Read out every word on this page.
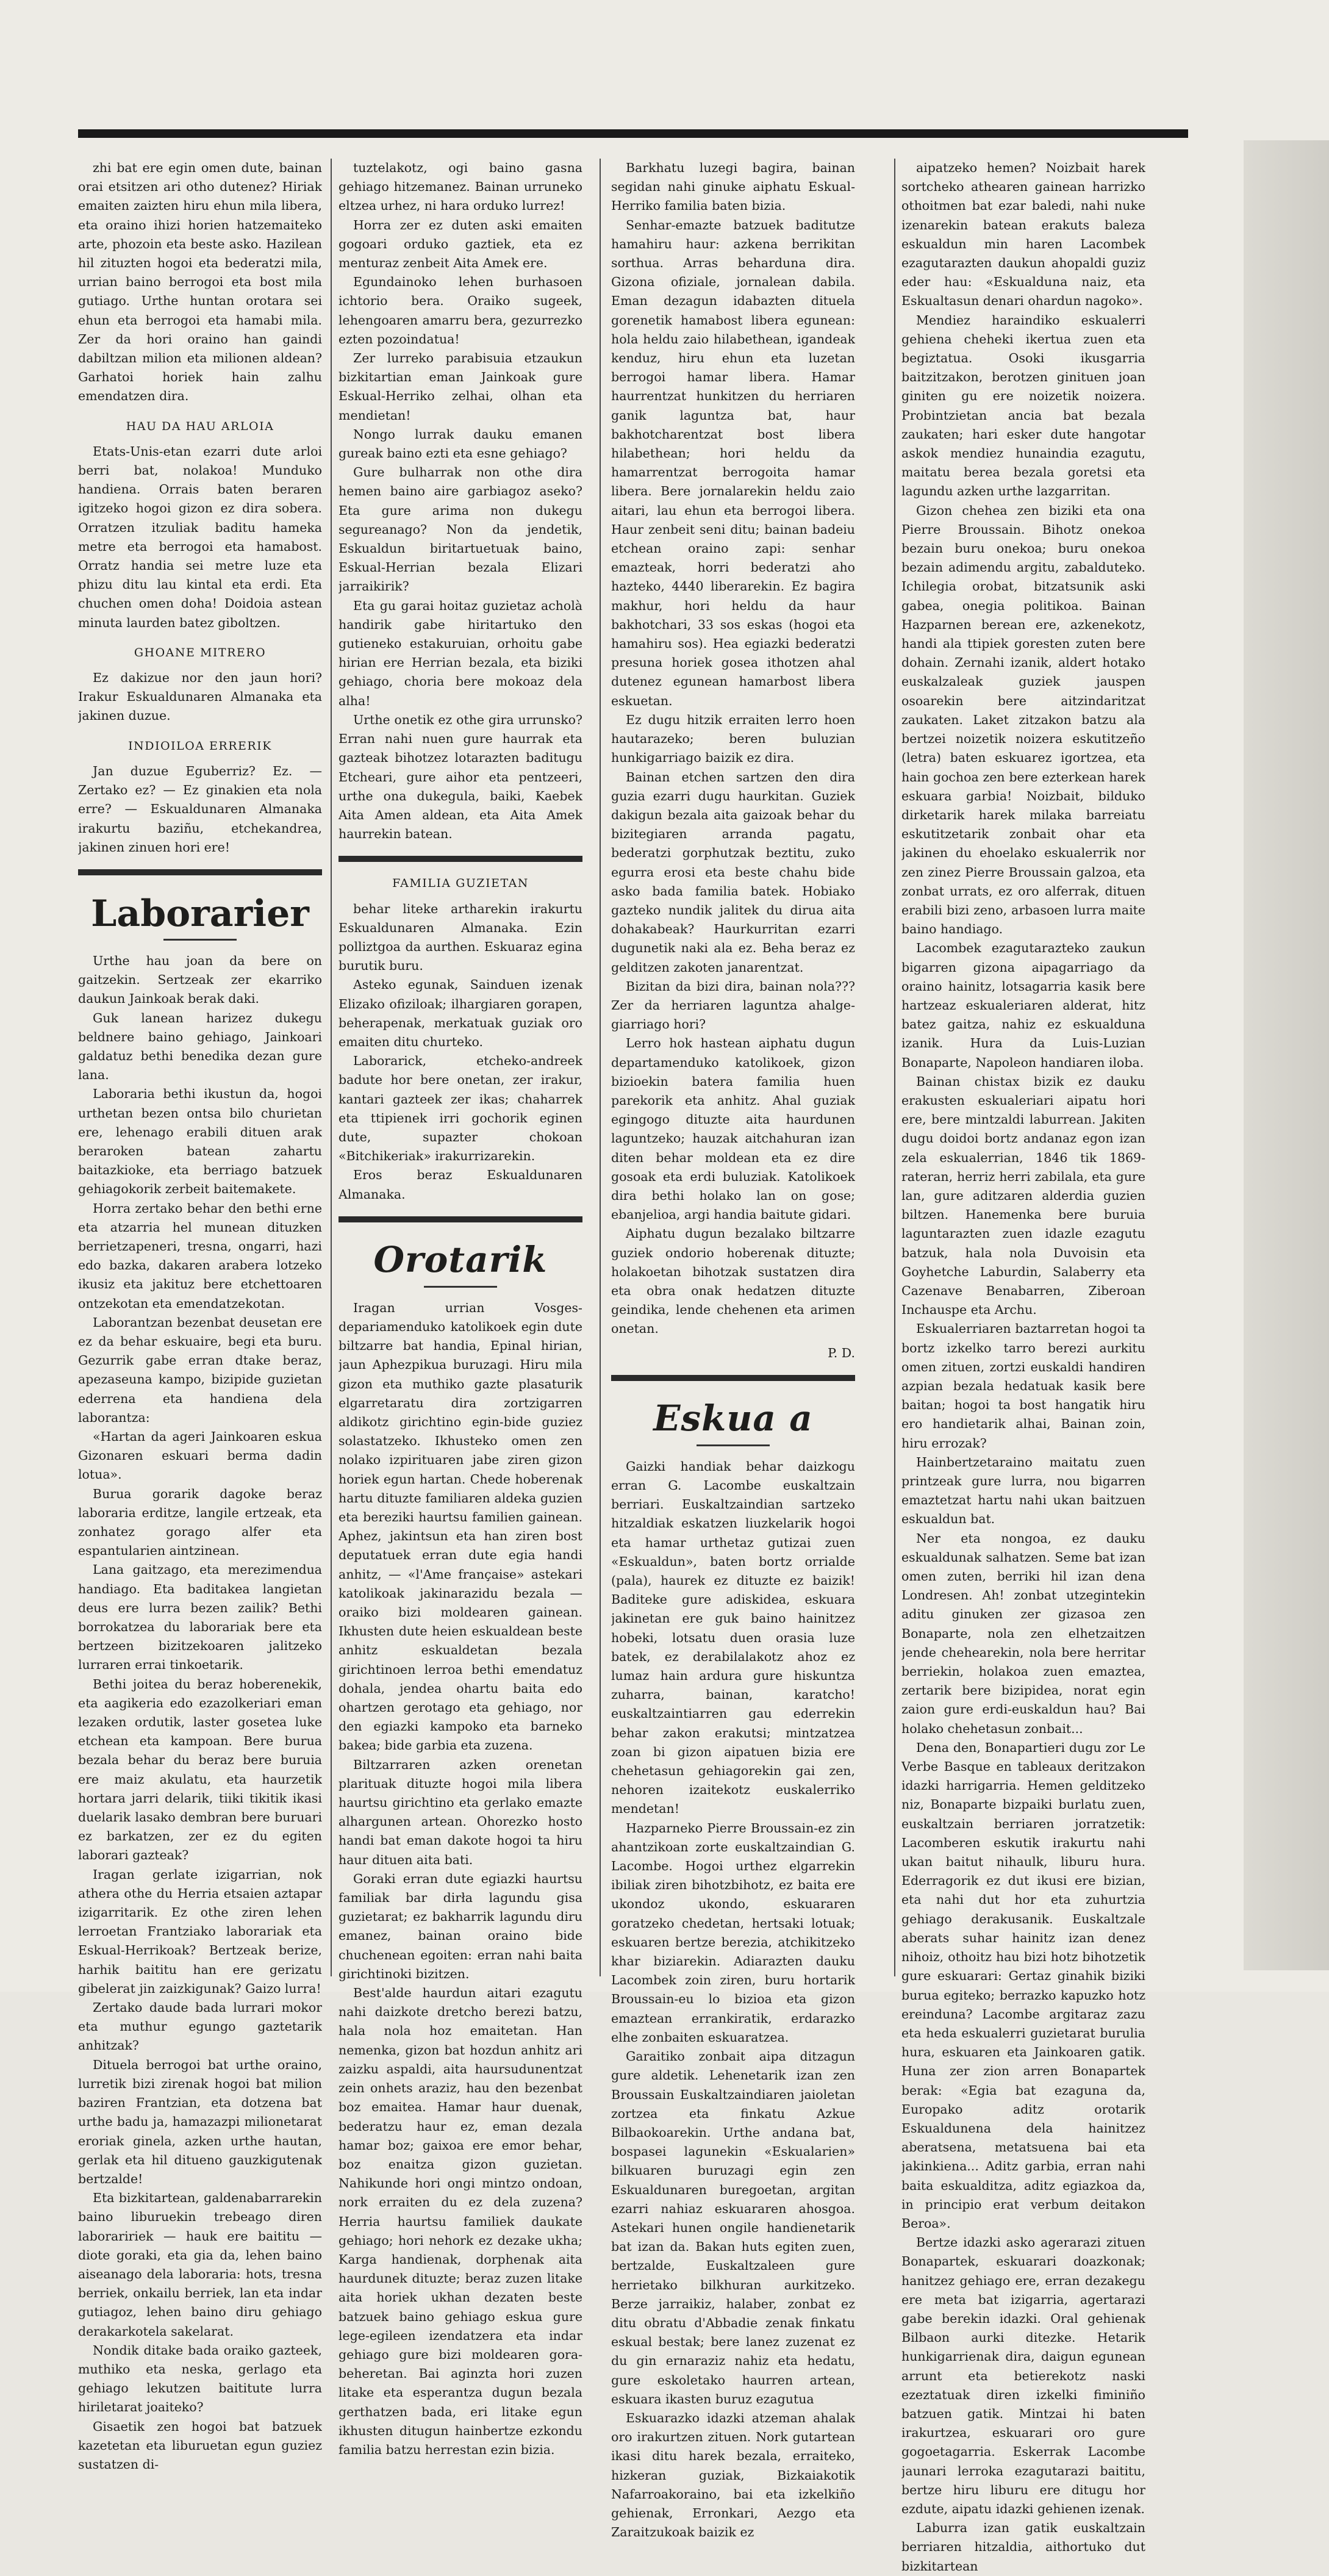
zhi bat ere egin omen dute, bainan orai etsitzen ari otho dutenez? Hiriak emaiten zaizten hiru ehun mila libera, eta oraino ihizi horien hatzemaiteko arte, phozoin eta beste asko. Hazilean hil zituzten hogoi eta bederatzi mila, urrian baino berrogoi eta bost mila gutiago. Urthe huntan orotara sei ehun eta berrogoi eta hamabi mila. Zer da hori oraino han gaindi dabiltzan milion eta milionen aldean? Garhatoi horiek hain zalhu emendatzen dira.

HAU DA HAU ARLOIA

Etats-Unis-etan ezarri dute arloi berri bat, nolakoa! Munduko handiena. Orrais baten beraren igitzeko hogoi gizon ez dira sobera. Orratzen itzuliak baditu hameka metre eta berrogoi eta hamabost. Orratz handia sei metre luze eta phizu ditu lau kintal eta erdi. Eta chuchen omen doha! Doidoia astean minuta laurden batez giboltzen.

GHOANE MITRERO

Ez dakizue nor den jaun hori? Irakur Eskualdunaren Almanaka eta jakinen duzue.

INDIOILOA ERRERIK

Jan duzue Eguberriz? Ez. — Zertako ez? — Ez ginakien eta nola erre? — Eskualdunaren Almanaka irakurtu baziñu, etchekandrea, jakinen zinuen hori ere!

Laborarier

Urthe hau joan da bere on gaitzekin. Sertzeak zer ekarriko daukun Jainkoak berak daki.

Guk lanean harizez dukegu beldnere baino gehiago, Jainkoari galdatuz bethi benedika dezan gure lana.

Laboraria bethi ikustun da, hogoi urthetan bezen ontsa bilo churietan ere, lehenago erabili dituen arak beraroken batean zahartu baitazkioke, eta berriago batzuek gehiagokorik zerbeit baitemakete.

Horra zertako behar den bethi erne eta atzarria hel munean dituzken berrietzapeneri, tresna, ongarri, hazi edo bazka, dakaren arabera lotzeko ikusiz eta jakituz bere etchettoaren ontzekotan eta emendatzekotan.

Laborantzan bezenbat deusetan ere ez da behar eskuaire, begi eta buru. Gezurrik gabe erran dtake beraz, apezaseuna kampo, bizipide guzietan ederrena eta handiena dela laborantza:

«Hartan da ageri Jainkoaren eskua Gizonaren eskuari berma dadin lotua».

Burua gorarik dagoke beraz laboraria erditze, langile ertzeak, eta zonhatez gorago alfer eta espantularien aintzinean.

Lana gaitzago, eta merezimendua handiago. Eta baditakea langietan deus ere lurra bezen zailik? Bethi borrokatzea du laborariak bere eta bertzeen bizitzekoaren jalitzeko lurraren errai tinkoetarik.

Bethi joitea du beraz hoberenekik, eta aagikeria edo ezazolkeriari eman lezaken ordutik, laster gosetea luke etchean eta kampoan. Bere burua bezala behar du beraz bere buruia ere maiz akulatu, eta haurzetik hortara jarri delarik, tiiki tikitik ikasi duelarik lasako dembran bere buruari ez barkatzen, zer ez du egiten laborari gazteak?

Iragan gerlate izigarrian, nok athera othe du Herria etsaien aztapar izigarritarik. Ez othe ziren lehen lerroetan Frantziako laborariak eta Eskual-Herrikoak? Bertzeak berize, harhik baititu han ere gerizatu gibelerat jin zaizkigunak? Gaizo lurra!

Zertako daude bada lurrari mokor eta muthur egungo gaztetarik anhitzak?

Dituela berrogoi bat urthe oraino, lurretik bizi zirenak hogoi bat milion baziren Frantzian, eta dotzena bat urthe badu ja, hamazazpi milionetarat eroriak ginela, azken urthe hautan, gerlak eta hil ditueno gauzkigutenak bertzalde!

Eta bizkitartean, galdenabarrarekin baino liburuekin trebeago diren laboraririek — hauk ere baititu — diote goraki, eta gia da, lehen baino aiseanago dela laboraria: hots, tresna berriek, onkailu berriek, lan eta indar gutiagoz, lehen baino diru gehiago derakarkotela sakelarat.

Nondik ditake bada oraiko gazteek, muthiko eta neska, gerlago eta gehiago lekutzen baititute lurra hiriletarat joaiteko?

Gisaetik zen hogoi bat batzuek kazetetan eta liburuetan egun guziez sustatzen di-

tuztelakotz, ogi baino gasna gehiago hitzemanez. Bainan urruneko eltzea urhez, ni hara orduko lurrez!

Horra zer ez duten aski emaiten gogoari orduko gaztiek, eta ez menturaz zenbeit Aita Amek ere.

Egundainoko lehen burhasoen ichtorio bera. Oraiko sugeek, lehengoaren amarru bera, gezurrezko ezten pozoindatua!

Zer lurreko parabisuia etzaukun bizkitartian eman Jainkoak gure Eskual-Herriko zelhai, olhan eta mendietan!

Nongo lurrak dauku emanen gureak baino ezti eta esne gehiago?

Gure bulharrak non othe dira hemen baino aire garbiagoz aseko? Eta gure arima non dukegu segureanago? Non da jendetik, Eskualdun biritartuetuak baino, Eskual-Herrian bezala Elizari jarraikirik?

Eta gu garai hoitaz guzietaz acholà handirik gabe hiritartuko den gutieneko estakuruian, orhoitu gabe hirian ere Herrian bezala, eta biziki gehiago, choria bere mokoaz dela alha!

Urthe onetik ez othe gira urrunsko? Erran nahi nuen gure haurrak eta gazteak bihotzez lotarazten baditugu Etcheari, gure aihor eta pentzeeri, urthe ona dukegula, baiki, Kaebek Aita Amen aldean, eta Aita Amek haurrekin batean.

FAMILIA GUZIETAN

behar liteke artharekin irakurtu Eskualdunaren Almanaka. Ezin polliztgoa da aurthen. Eskuaraz egina burutik buru.

Asteko egunak, Sainduen izenak Elizako ofiziloak; ilhargiaren gorapen, beherapenak, merkatuak guziak oro emaiten ditu churteko.

Laborarick, etcheko-andreek badute hor bere onetan, zer irakur, kantari gazteek zer ikas; chaharrek eta ttipienek irri gochorik eginen dute, supazter chokoan «Bitchikeriak» irakurrizarekin.

Eros beraz Eskualdunaren Almanaka.

Orotarik

Iragan urrian Vosges-depariamenduko katolikoek egin dute biltzarre bat handia, Epinal hirian, jaun Aphezpikua buruzagi. Hiru mila gizon eta muthiko gazte plasaturik elgarretaratu dira zortzigarren aldikotz girichtino egin-bide guziez solastatzeko. Ikhusteko omen zen nolako izpirituaren jabe ziren gizon horiek egun hartan. Chede hoberenak hartu dituzte familiaren aldeka guzien eta bereziki haurtsu familien gainean. Aphez, jakintsun eta han ziren bost deputatuek erran dute egia handi anhitz, — «l'Ame française» astekari katolikoak jakinarazidu bezala — oraiko bizi moldearen gainean. Ikhusten dute heien eskualdean beste anhitz eskualdetan bezala girichtinoen lerroa bethi emendatuz dohala, jendea ohartu baita edo ohartzen gerotago eta gehiago, nor den egiazki kampoko eta barneko bakea; bide garbia eta zuzena.

Biltzarraren azken orenetan plarituak dituzte hogoi mila libera haurtsu girichtino eta gerlako emazte alhargunen artean. Ohorezko hosto handi bat eman dakote hogoi ta hiru haur dituen aita bati.

Goraki erran dute egiazki haurtsu familiak bar dirła lagundu gisa guzietarat; ez bakharrik lagundu diru emanez, bainan oraino bide chuchenean egoiten: erran nahi baita girichtinoki bizitzen.

Best'alde haurdun aitari ezagutu nahi daizkote dretcho berezi batzu, hala nola hoz emaitetan. Han nemenka, gizon bat hozdun anhitz ari zaizku aspaldi, aita haursudunentzat zein onhets araziz, hau den bezenbat boz emaitea. Hamar haur duenak, bederatzu haur ez, eman dezala hamar boz; gaixoa ere emor behar, boz enaitza gizon guzietan. Nahikunde hori ongi mintzo ondoan, nork erraiten du ez dela zuzena? Herria haurtsu familiek daukate gehiago; hori nehork ez dezake ukha; Karga handienak, dorphenak aita haurdunek dituzte; beraz zuzen litake aita horiek ukhan dezaten beste batzuek baino gehiago eskua gure lege-egileen izendatzera eta indar gehiago gure bizi moldearen gora-beheretan. Bai aginzta hori zuzen litake eta esperantza dugun bezala gerthatzen bada, eri litake egun ikhusten ditugun hainbertze ezkondu familia batzu herrestan ezin bizia.

Barkhatu luzegi bagira, bainan segidan nahi ginuke aiphatu Eskual-Herriko familia baten bizia.

Senhar-emazte batzuek baditutze hamahiru haur: azkena berrikitan sorthua. Arras beharduna dira. Gizona ofiziale, jornalean dabila. Eman dezagun idabazten dituela gorenetik hamabost libera egunean: hola heldu zaio hilabethean, igandeak kenduz, hiru ehun eta luzetan berrogoi hamar libera. Hamar haurrentzat hunkitzen du herriaren ganik laguntza bat, haur bakhotcharentzat bost libera hilabethean; hori heldu da hamarrentzat berrogoita hamar libera. Bere jornalarekin heldu zaio aitari, lau ehun eta berrogoi libera. Haur zenbeit seni ditu; bainan badeiu etchean oraino zapi: senhar emazteak, horri bederatzi aho hazteko, 4440 liberarekin. Ez bagira makhur, hori heldu da haur bakhotchari, 33 sos eskas (hogoi eta hamahiru sos). Hea egiazki bederatzi presuna horiek gosea ithotzen ahal dutenez egunean hamarbost libera eskuetan.

Ez dugu hitzik erraiten lerro hoen hautarazeko; beren buluzian hunkigarriago baizik ez dira.

Bainan etchen sartzen den dira guzia ezarri dugu haurkitan. Guziek dakigun bezala aita gaizoak behar du bizitegiaren arranda pagatu, bederatzi gorphutzak beztitu, zuko egurra erosi eta beste chahu bide asko bada familia batek. Hobiako gazteko nundik jalitek du dirua aita dohakabeak? Haurkurritan ezarri dugunetik naki ala ez. Beha beraz ez gelditzen zakoten janarentzat.

Bizitan da bizi dira, bainan nola??? Zer da herriaren laguntza ahalge-giarriago hori?

Lerro hok hastean aiphatu dugun departamenduko katolikoek, gizon bizioekin batera familia huen parekorik eta anhitz. Ahal guziak egingogo dituzte aita haurdunen laguntzeko; hauzak aitchahuran izan diten behar moldean eta ez dire gosoak eta erdi buluziak. Katolikoek dira bethi holako lan on gose; ebanjelioa, argi handia baitute gidari.

Aiphatu dugun bezalako biltzarre guziek ondorio hoberenak dituzte; holakoetan bihotzak sustatzen dira eta obra onak hedatzen dituzte geindika, lende chehenen eta arimen onetan.

P. D.
Eskua a

Gaizki handiak behar daizkogu erran G. Lacombe euskaltzain berriari. Euskaltzaindian sartzeko hitzaldiak eskatzen liuzkelarik hogoi eta hamar urthetaz gutizai zuen «Eskualdun», baten bortz orrialde (pala), haurek ez dituzte ez baizik! Baditeke gure adiskidea, eskuara jakinetan ere guk baino hainitzez hobeki, lotsatu duen orasia luze batek, ez derabilalakotz ahoz ez lumaz hain ardura gure hiskuntza zuharra, bainan, karatcho! euskaltzaintiarren gau ederrekin behar zakon erakutsi; mintzatzea zoan bi gizon aipatuen bizia ere chehetasun gehiagorekin gai zen, nehoren izaitekotz euskalerriko mendetan!

Hazparneko Pierre Broussain-ez zin ahantzikoan zorte euskaltzaindian G. Lacombe. Hogoi urthez elgarrekin ibiliak ziren bihotzbihotz, ez baita ere ukondoz ukondo, eskuararen goratzeko chedetan, hertsaki lotuak; eskuaren bertze berezia, atchikitzeko khar biziarekin. Adiarazten dauku Lacombek zoin ziren, buru hortarik Broussain-eu lo bizioa eta gizon emaztean errankiratik, erdarazko elhe zonbaiten eskuaratzea.

Garaitiko zonbait aipa ditzagun gure aldetik. Lehenetarik izan zen Broussain Euskaltzaindiaren jaioletan zortzea eta finkatu Azkue Bilbaokoarekin. Urthe andana bat, bospasei lagunekin «Eskualarien» bilkuaren buruzagi egin zen Eskualdunaren buregoetan, argitan ezarri nahiaz eskuararen ahosgoa. Astekari hunen ongile handienetarik bat izan da. Bakan huts egiten zuen, bertzalde, Euskaltzaleen gure herrietako bilkhuran aurkitzeko. Berze jarraikiz, halaber, zonbat ez ditu obratu d'Abbadie zenak finkatu eskual bestak; bere lanez zuzenat ez du gin ernaraziz nahiz eta hedatu, gure eskoletako haurren artean, eskuara ikasten buruz ezagutua

Eskuarazko idazki atzeman ahalak oro irakurtzen zituen. Nork gutartean ikasi ditu harek bezala, erraiteko, hizkeran guziak, Bizkaiakotik Nafarroakoraino, bai eta izkelkiño gehienak, Erronkari, Aezgo eta Zaraitzukoak baizik ez

aipatzeko hemen? Noizbait harek sortcheko athearen gainean harrizko othoitmen bat ezar baledi, nahi nuke izenarekin batean erakuts baleza eskualdun min haren Lacombek ezagutarazten daukun ahopaldi guziz eder hau: «Eskualduna naiz, eta Eskualtasun denari ohardun nagoko».

Mendiez haraindiko eskualerri gehiena cheheki ikertua zuen eta begiztatua. Osoki ikusgarria baitzitzakon, berotzen ginituen joan giniten gu ere noizetik noizera. Probintzietan ancia bat bezala zaukaten; hari esker dute hangotar askok mendiez hunaindia ezagutu, maitatu berea bezala goretsi eta lagundu azken urthe lazgarritan.

Gizon chehea zen biziki eta ona Pierre Broussain. Bihotz onekoa bezain buru onekoa; buru onekoa bezain adimendu argitu, zabalduteko. Ichilegia orobat, bitzatsunik aski gabea, onegia politikoa. Bainan Hazparnen berean ere, azkenekotz, handi ala ttipiek goresten zuten bere dohain. Zernahi izanik, aldert hotako euskalzaleak guziek jauspen osoarekin bere aitzindaritzat zaukaten. Laket zitzakon batzu ala bertzei noizetik noizera eskutitzeño (letra) baten eskuarez igortzea, eta hain gochoa zen bere ezterkean harek eskuara garbia! Noizbait, bilduko dirketarik harek milaka barreiatu eskutitzetarik zonbait ohar eta jakinen du ehoelako eskualerrik nor zen zinez Pierre Broussain galzoa, eta zonbat urrats, ez oro alferrak, dituen erabili bizi zeno, arbasoen lurra maite baino handiago.

Lacombek ezagutarazteko zaukun bigarren gizona aipagarriago da oraino hainitz, lotsagarria kasik bere hartzeaz eskualeriaren alderat, hitz batez gaitza, nahiz ez eskualduna izanik. Hura da Luis-Luzian Bonaparte, Napoleon handiaren iloba.

Bainan chistax bizik ez dauku erakusten eskualeriari aipatu hori ere, bere mintzaldi laburrean. Jakiten dugu doidoi bortz andanaz egon izan zela eskualerrian, 1846 tik 1869-rateran, herriz herri zabilala, eta gure lan, gure aditzaren alderdia guzien biltzen. Hanemenka bere buruia laguntarazten zuen idazle ezagutu batzuk, hala nola Duvoisin eta Goyhetche Laburdin, Salaberry eta Cazenave Benabarren, Ziberoan Inchauspe eta Archu.

Eskualerriaren baztarretan hogoi ta bortz izkelko tarro berezi aurkitu omen zituen, zortzi euskaldi handiren azpian bezala hedatuak kasik bere baitan; hogoi ta bost hangatik hiru ero handietarik alhai, Bainan zoin, hiru errozak?

Hainbertzetaraino maitatu zuen printzeak gure lurra, nou bigarren emaztetzat hartu nahi ukan baitzuen eskualdun bat.

Ner eta nongoa, ez dauku eskualdunak salhatzen. Seme bat izan omen zuten, berriki hil izan dena Londresen. Ah! zonbat utzegintekin aditu ginuken zer gizasoa zen Bonaparte, nola zen elhetzaitzen jende chehearekin, nola bere herritar berriekin, holakoa zuen emaztea, zertarik bere bizipidea, norat egin zaion gure erdi-euskaldun hau? Bai holako chehetasun zonbait...

Dena den, Bonapartieri dugu zor Le Verbe Basque en tableaux deritzakon idazki harrigarria. Hemen gelditzeko niz, Bonaparte bizpaiki burlatu zuen, euskaltzain berriaren jorratzetik: Lacomberen eskutik irakurtu nahi ukan baitut nihaulk, liburu hura. Ederragorik ez dut ikusi ere bizian, eta nahi dut hor eta zuhurtzia gehiago derakusanik. Euskaltzale aberats suhar hainitz izan denez nihoiz, othoitz hau bizi hotz bihotzetik gure eskuarari: Gertaz ginahik biziki burua egiteko; berrazko kapuzko hotz ereinduna? Lacombe argitaraz zazu eta heda eskualerri guzietarat burulia hura, eskuaren eta Jainkoaren gatik. Huna zer zion arren Bonapartek berak: «Egia bat ezaguna da, Europako aditz orotarik Eskualdunena dela hainitzez aberatsena, metatsuena bai eta jakinkiena... Aditz garbia, erran nahi baita eskualditza, aditz egiazkoa da, in principio erat verbum deitakon Beroa».

Bertze idazki asko agerarazi zituen Bonapartek, eskuarari doazkonak; hanitzez gehiago ere, erran dezakegu ere meta bat izigarria, agertarazi gabe berekin idazki. Oral gehienak Bilbaon aurki ditezke. Hetarik hunkigarrienak dira, daigun egunean arrunt eta betierekotz naski ezeztatuak diren izkelki fiminiño batzuen gatik. Mintzai hi baten irakurtzea, eskuarari oro gure gogoetagarria. Eskerrak Lacombe jaunari lerroka ezagutarazi baititu, bertze hiru liburu ere ditugu hor ezdute, aipatu idazki gehienen izenak.

Laburra izan gatik euskaltzain berriaren hitzaldia, aithortuko dut bizkitartean
